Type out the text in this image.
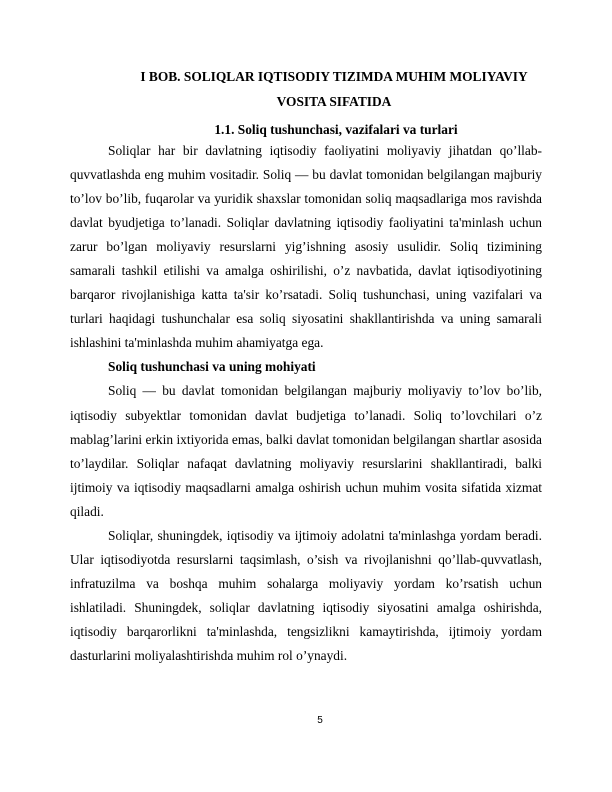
I BOB. SOLIQLAR IQTISODIY TIZIMDA MUHIM MOLIYAVIY
VOSITA SIFATIDA
1.1. Soliq tushunchasi, vazifalari va turlari

Soliqlar har bir davlatning iqtisodiy faoliyatini moliyaviy jihatdan qo’llab-quvvatlashda eng muhim vositadir. Soliq — bu davlat tomonidan belgilangan majburiy to’lov bo’lib, fuqarolar va yuridik shaxslar tomonidan soliq maqsadlariga mos ravishda davlat byudjetiga to’lanadi. Soliqlar davlatning iqtisodiy faoliyatini ta'minlash uchun zarur bo’lgan moliyaviy resurslarni yig’ishning asosiy usulidir. Soliq tizimining samarali tashkil etilishi va amalga oshirilishi, o’z navbatida, davlat iqtisodiyotining barqaror rivojlanishiga katta ta'sir ko’rsatadi. Soliq tushunchasi, uning vazifalari va turlari haqidagi tushunchalar esa soliq siyosatini shakllantirishda va uning samarali ishlashini ta'minlashda muhim ahamiyatga ega.

Soliq tushunchasi va uning mohiyati

Soliq — bu davlat tomonidan belgilangan majburiy moliyaviy to’lov bo’lib, iqtisodiy subyektlar tomonidan davlat budjetiga to’lanadi. Soliq to’lovchilari o’z mablag’larini erkin ixtiyorida emas, balki davlat tomonidan belgilangan shartlar asosida to’laydilar. Soliqlar nafaqat davlatning moliyaviy resurslarini shakllantiradi, balki ijtimoiy va iqtisodiy maqsadlarni amalga oshirish uchun muhim vosita sifatida xizmat qiladi.

Soliqlar, shuningdek, iqtisodiy va ijtimoiy adolatni ta'minlashga yordam beradi. Ular iqtisodiyotda resurslarni taqsimlash, o’sish va rivojlanishni qo’llab-quvvatlash, infratuzilma va boshqa muhim sohalarga moliyaviy yordam ko’rsatish uchun ishlatiladi. Shuningdek, soliqlar davlatning iqtisodiy siyosatini amalga oshirishda, iqtisodiy barqarorlikni ta'minlashda, tengsizlikni kamaytirishda, ijtimoiy yordam dasturlarini moliyalashtirishda muhim rol o’ynaydi.

5
